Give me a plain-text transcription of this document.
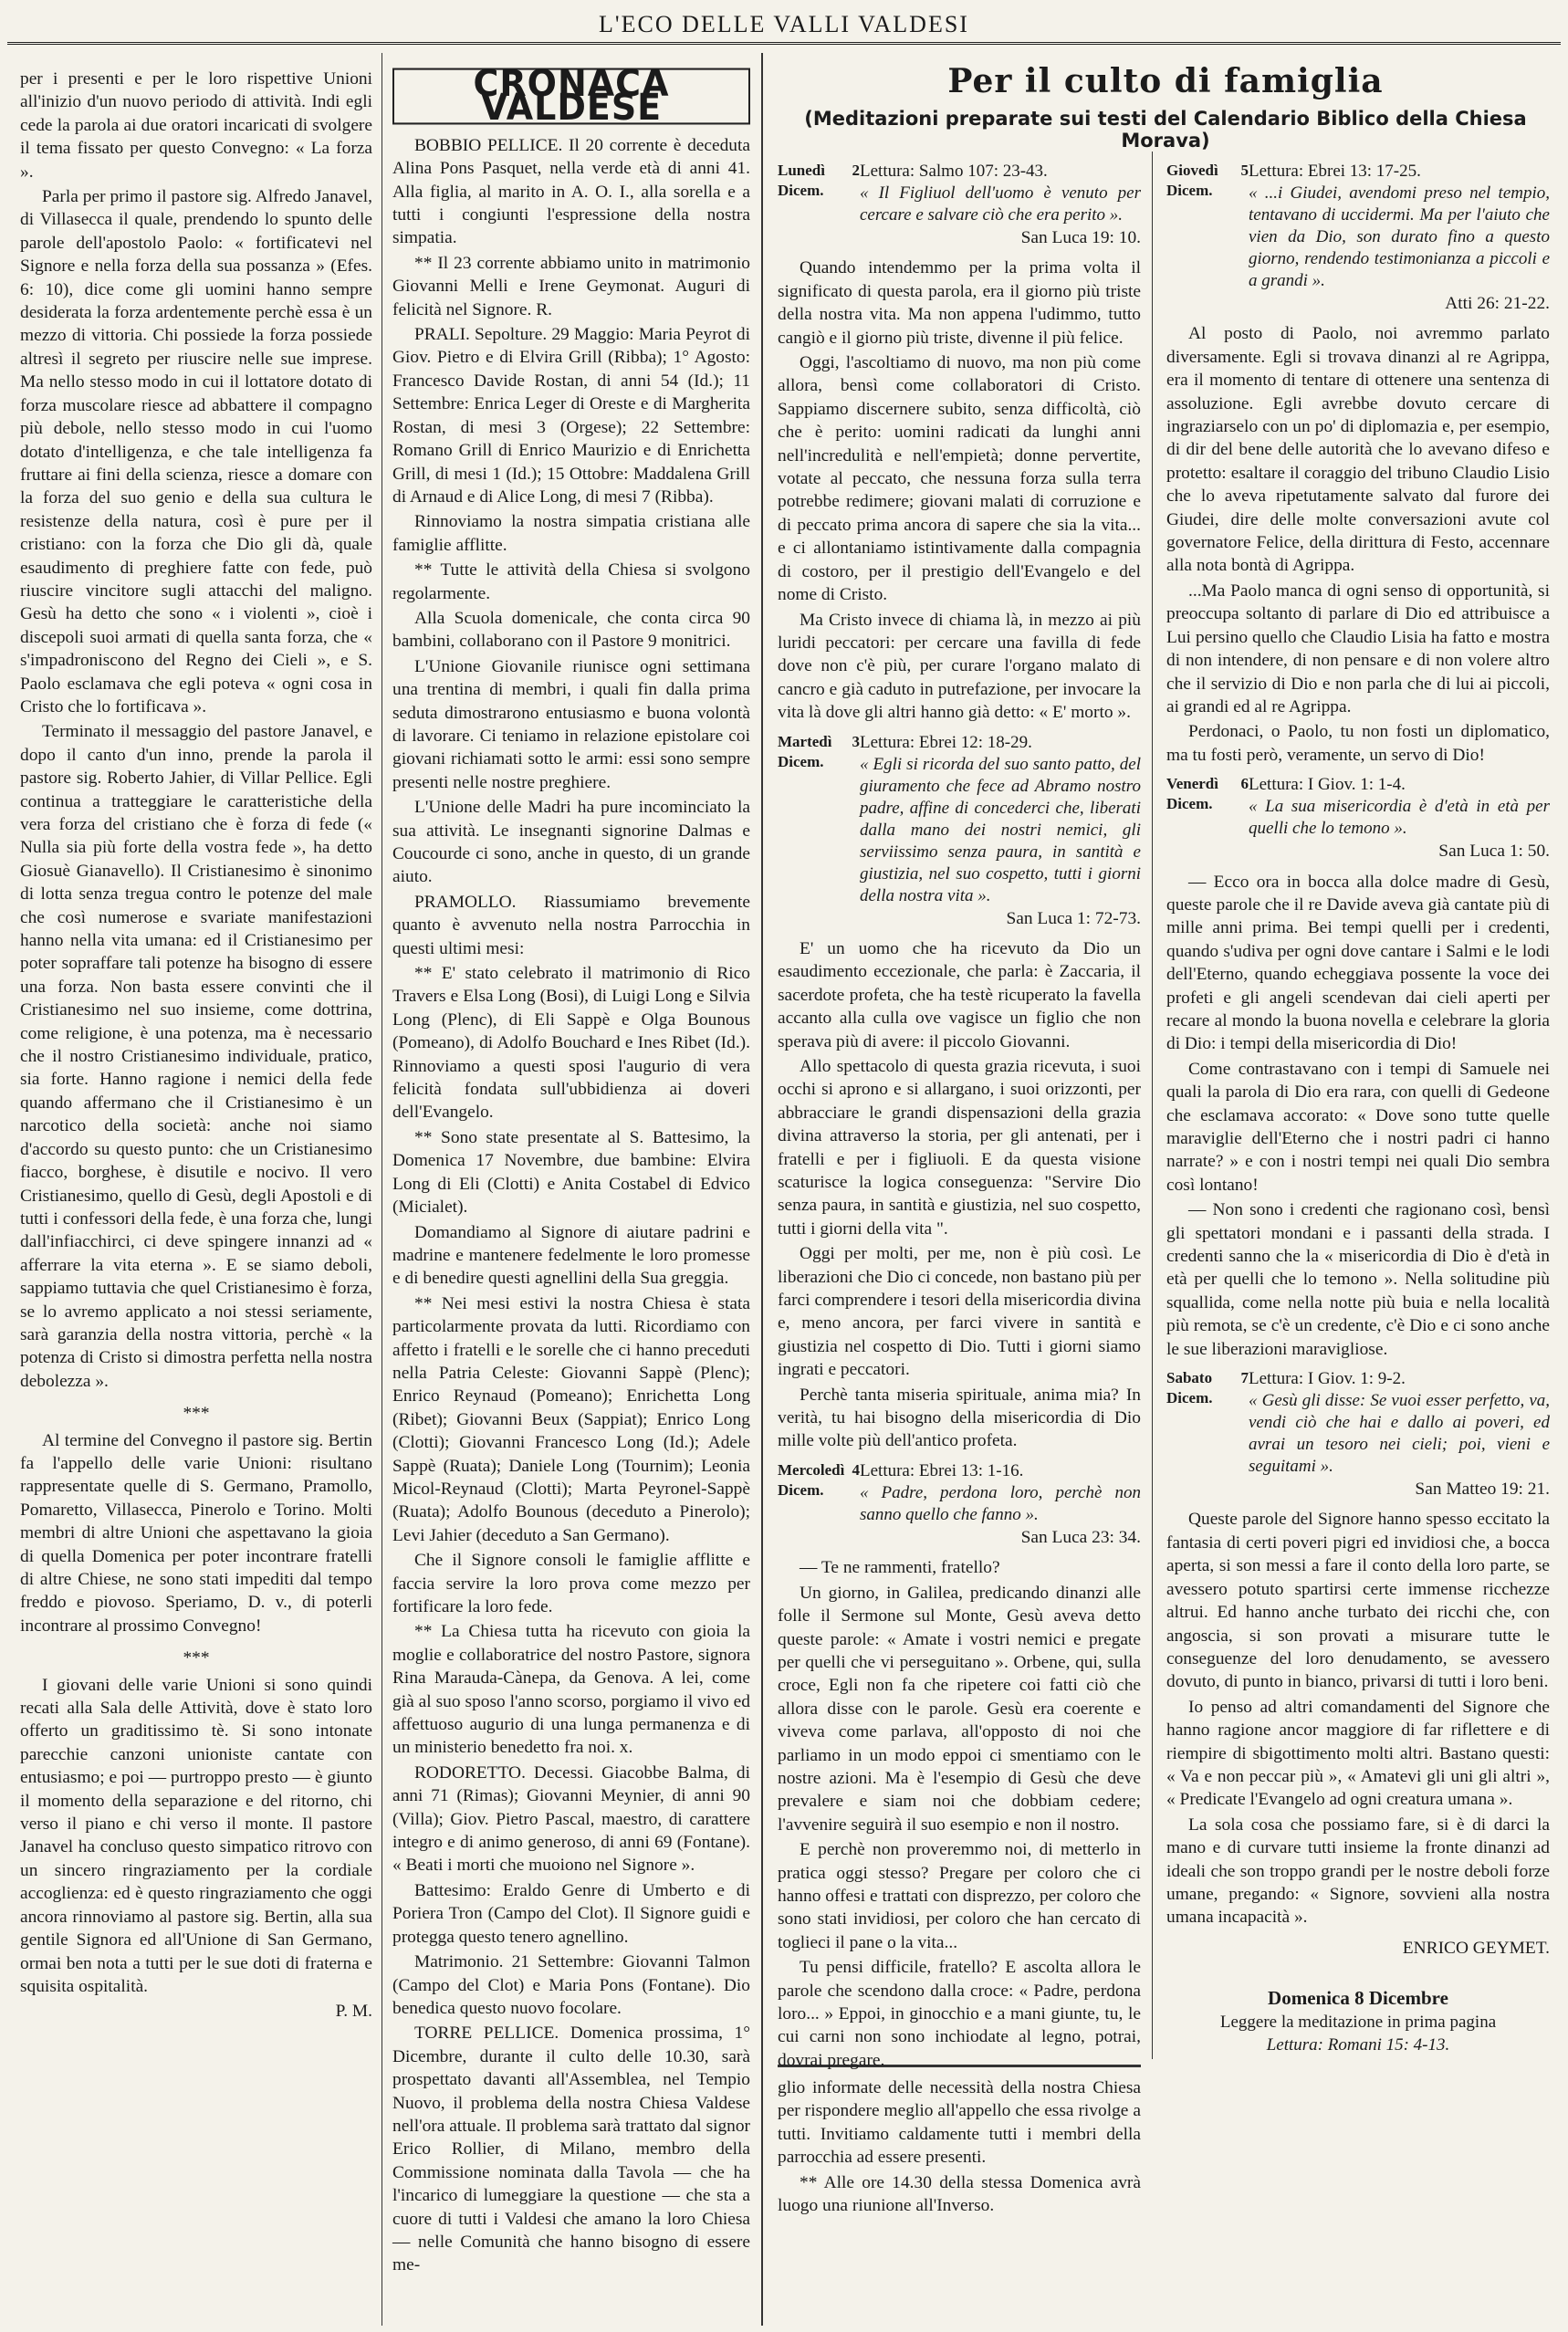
L'ECO DELLE VALLI VALDESI

per i presenti e per le loro rispettive Unioni all'inizio d'un nuovo periodo di attività. Indi egli cede la parola ai due oratori incaricati di svolgere il tema fissato per questo Convegno: « La forza ».

Parla per primo il pastore sig. Alfredo Janavel, di Villasecca il quale, prendendo lo spunto delle parole dell'apostolo Paolo: « fortificatevi nel Signore e nella forza della sua possanza » (Efes. 6: 10), dice come gli uomini hanno sempre desiderata la forza ardentemente perchè essa è un mezzo di vittoria. Chi possiede la forza possiede altresì il segreto per riuscire nelle sue imprese. Ma nello stesso modo in cui il lottatore dotato di forza muscolare riesce ad abbattere il compagno più debole, nello stesso modo in cui l'uomo dotato d'intelligenza, e che tale intelligenza fa fruttare ai fini della scienza, riesce a domare con la forza del suo genio e della sua cultura le resistenze della natura, così è pure per il cristiano: con la forza che Dio gli dà, quale esaudimento di preghiere fatte con fede, può riuscire vincitore sugli attacchi del maligno. Gesù ha detto che sono « i violenti », cioè i discepoli suoi armati di quella santa forza, che « s'impadroniscono del Regno dei Cieli », e S. Paolo esclamava che egli poteva « ogni cosa in Cristo che lo fortificava ».

Terminato il messaggio del pastore Janavel, e dopo il canto d'un inno, prende la parola il pastore sig. Roberto Jahier, di Villar Pellice. Egli continua a tratteggiare le caratteristiche della vera forza del cristiano che è forza di fede (« Nulla sia più forte della vostra fede », ha detto Giosuè Gianavello). Il Cristianesimo è sinonimo di lotta senza tregua contro le potenze del male che così numerose e svariate manifestazioni hanno nella vita umana: ed il Cristianesimo per poter sopraffare tali potenze ha bisogno di essere una forza. Non basta essere convinti che il Cristianesimo nel suo insieme, come dottrina, come religione, è una potenza, ma è necessario che il nostro Cristianesimo individuale, pratico, sia forte. Hanno ragione i nemici della fede quando affermano che il Cristianesimo è un narcotico della società: anche noi siamo d'accordo su questo punto: che un Cristianesimo fiacco, borghese, è disutile e nocivo. Il vero Cristianesimo, quello di Gesù, degli Apostoli e di tutti i confessori della fede, è una forza che, lungi dall'infiacchirci, ci deve spingere innanzi ad « afferrare la vita eterna ». E se siamo deboli, sappiamo tuttavia che quel Cristianesimo è forza, se lo avremo applicato a noi stessi seriamente, sarà garanzia della nostra vittoria, perchè « la potenza di Cristo si dimostra perfetta nella nostra debolezza ».

***

Al termine del Convegno il pastore sig. Bertin fa l'appello delle varie Unioni: risultano rappresentate quelle di S. Germano, Pramollo, Pomaretto, Villasecca, Pinerolo e Torino. Molti membri di altre Unioni che aspettavano la gioia di quella Domenica per poter incontrare fratelli di altre Chiese, ne sono stati impediti dal tempo freddo e piovoso. Speriamo, D. v., di poterli incontrare al prossimo Convegno!

***

I giovani delle varie Unioni si sono quindi recati alla Sala delle Attività, dove è stato loro offerto un graditissimo tè. Si sono intonate parecchie canzoni unioniste cantate con entusiasmo; e poi — purtroppo presto — è giunto il momento della separazione e del ritorno, chi verso il piano e chi verso il monte. Il pastore Janavel ha concluso questo simpatico ritrovo con un sincero ringraziamento per la cordiale accoglienza: ed è questo ringraziamento che oggi ancora rinnoviamo al pastore sig. Bertin, alla sua gentile Signora ed all'Unione di San Germano, ormai ben nota a tutti per le sue doti di fraterna e squisita ospitalità.

P. M.

CRONACA VALDESE

BOBBIO PELLICE. Il 20 corrente è deceduta Alina Pons Pasquet, nella verde età di anni 41. Alla figlia, al marito in A. O. I., alla sorella e a tutti i congiunti l'espressione della nostra simpatia.

** Il 23 corrente abbiamo unito in matrimonio Giovanni Melli e Irene Geymonat. Auguri di felicità nel Signore. R.

PRALI. Sepolture. 29 Maggio: Maria Peyrot di Giov. Pietro e di Elvira Grill (Ribba); 1° Agosto: Francesco Davide Rostan, di anni 54 (Id.); 11 Settembre: Enrica Leger di Oreste e di Margherita Rostan, di mesi 3 (Orgese); 22 Settembre: Romano Grill di Enrico Maurizio e di Enrichetta Grill, di mesi 1 (Id.); 15 Ottobre: Maddalena Grill di Arnaud e di Alice Long, di mesi 7 (Ribba).

Rinnoviamo la nostra simpatia cristiana alle famiglie afflitte.

** Tutte le attività della Chiesa si svolgono regolarmente.

Alla Scuola domenicale, che conta circa 90 bambini, collaborano con il Pastore 9 monitrici.

L'Unione Giovanile riunisce ogni settimana una trentina di membri, i quali fin dalla prima seduta dimostrarono entusiasmo e buona volontà di lavorare. Ci teniamo in relazione epistolare coi giovani richiamati sotto le armi: essi sono sempre presenti nelle nostre preghiere.

L'Unione delle Madri ha pure incominciato la sua attività. Le insegnanti signorine Dalmas e Coucourde ci sono, anche in questo, di un grande aiuto.

PRAMOLLO. Riassumiamo brevemente quanto è avvenuto nella nostra Parrocchia in questi ultimi mesi:

** E' stato celebrato il matrimonio di Rico Travers e Elsa Long (Bosi), di Luigi Long e Silvia Long (Plenc), di Eli Sappè e Olga Bounous (Pomeano), di Adolfo Bouchard e Ines Ribet (Id.). Rinnoviamo a questi sposi l'augurio di vera felicità fondata sull'ubbidienza ai doveri dell'Evangelo.

** Sono state presentate al S. Battesimo, la Domenica 17 Novembre, due bambine: Elvira Long di Eli (Clotti) e Anita Costabel di Edvico (Micialet).

Domandiamo al Signore di aiutare padrini e madrine e mantenere fedelmente le loro promesse e di benedire questi agnellini della Sua greggia.

** Nei mesi estivi la nostra Chiesa è stata particolarmente provata da lutti. Ricordiamo con affetto i fratelli e le sorelle che ci hanno preceduti nella Patria Celeste: Giovanni Sappè (Plenc); Enrico Reynaud (Pomeano); Enrichetta Long (Ribet); Giovanni Beux (Sappiat); Enrico Long (Clotti); Giovanni Francesco Long (Id.); Adele Sappè (Ruata); Daniele Long (Tournim); Leonia Micol-Reynaud (Clotti); Marta Peyronel-Sappè (Ruata); Adolfo Bounous (deceduto a Pinerolo); Levi Jahier (deceduto a San Germano).

Che il Signore consoli le famiglie afflitte e faccia servire la loro prova come mezzo per fortificare la loro fede.

** La Chiesa tutta ha ricevuto con gioia la moglie e collaboratrice del nostro Pastore, signora Rina Marauda-Cànepa, da Genova. A lei, come già al suo sposo l'anno scorso, porgiamo il vivo ed affettuoso augurio di una lunga permanenza e di un ministerio benedetto fra noi. x.

RODORETTO. Decessi. Giacobbe Balma, di anni 71 (Rimas); Giovanni Meynier, di anni 90 (Villa); Giov. Pietro Pascal, maestro, di carattere integro e di animo generoso, di anni 69 (Fontane). « Beati i morti che muoiono nel Signore ».

Battesimo: Eraldo Genre di Umberto e di Poriera Tron (Campo del Clot). Il Signore guidi e protegga questo tenero agnellino.

Matrimonio. 21 Settembre: Giovanni Talmon (Campo del Clot) e Maria Pons (Fontane). Dio benedica questo nuovo focolare.

TORRE PELLICE. Domenica prossima, 1° Dicembre, durante il culto delle 10.30, sarà prospettato davanti all'Assemblea, nel Tempio Nuovo, il problema della nostra Chiesa Valdese nell'ora attuale. Il problema sarà trattato dal signor Erico Rollier, di Milano, membro della Commissione nominata dalla Tavola — che ha l'incarico di lumeggiare la questione — che sta a cuore di tutti i Valdesi che amano la loro Chiesa — nelle Comunità che hanno bisogno di essere me-

Per il culto di famiglia
(Meditazioni preparate sui testi del Calendario Biblico della Chiesa Morava)
Lunedì 2 Dicem.
Lettura: Salmo 107: 23-43.
« Il Figliuol dell'uomo è venuto per cercare e salvare ciò che era perito ».
San Luca 19: 10.

Quando intendemmo per la prima volta il significato di questa parola, era il giorno più triste della nostra vita. Ma non appena l'udimmo, tutto cangiò e il giorno più triste, divenne il più felice.

Oggi, l'ascoltiamo di nuovo, ma non più come allora, bensì come collaboratori di Cristo. Sappiamo discernere subito, senza difficoltà, ciò che è perito: uomini radicati da lunghi anni nell'incredulità e nell'empietà; donne pervertite, votate al peccato, che nessuna forza sulla terra potrebbe redimere; giovani malati di corruzione e di peccato prima ancora di sapere che sia la vita... e ci allontaniamo istintivamente dalla compagnia di costoro, per il prestigio dell'Evangelo e del nome di Cristo.

Ma Cristo invece di chiama là, in mezzo ai più luridi peccatori: per cercare una favilla di fede dove non c'è più, per curare l'organo malato di cancro e già caduto in putrefazione, per invocare la vita là dove gli altri hanno già detto: « E' morto ».

Martedì 3 Dicem.
Lettura: Ebrei 12: 18-29.
« Egli si ricorda del suo santo patto, del giuramento che fece ad Abramo nostro padre, affine di concederci che, liberati dalla mano dei nostri nemici, gli serviissimo senza paura, in santità e giustizia, nel suo cospetto, tutti i giorni della nostra vita ».
San Luca 1: 72-73.

E' un uomo che ha ricevuto da Dio un esaudimento eccezionale, che parla: è Zaccaria, il sacerdote profeta, che ha testè ricuperato la favella accanto alla culla ove vagisce un figlio che non sperava più di avere: il piccolo Giovanni.

Allo spettacolo di questa grazia ricevuta, i suoi occhi si aprono e si allargano, i suoi orizzonti, per abbracciare le grandi dispensazioni della grazia divina attraverso la storia, per gli antenati, per i fratelli e per i figliuoli. E da questa visione scaturisce la logica conseguenza: "Servire Dio senza paura, in santità e giustizia, nel suo cospetto, tutti i giorni della vita ".

Oggi per molti, per me, non è più così. Le liberazioni che Dio ci concede, non bastano più per farci comprendere i tesori della misericordia divina e, meno ancora, per farci vivere in santità e giustizia nel cospetto di Dio. Tutti i giorni siamo ingrati e peccatori.

Perchè tanta miseria spirituale, anima mia? In verità, tu hai bisogno della misericordia di Dio mille volte più dell'antico profeta.

Mercoledì 4 Dicem.
Lettura: Ebrei 13: 1-16.
« Padre, perdona loro, perchè non sanno quello che fanno ».
San Luca 23: 34.

— Te ne rammenti, fratello?

Un giorno, in Galilea, predicando dinanzi alle folle il Sermone sul Monte, Gesù aveva detto queste parole: « Amate i vostri nemici e pregate per quelli che vi perseguitano ». Orbene, qui, sulla croce, Egli non fa che ripetere coi fatti ciò che allora disse con le parole. Gesù era coerente e viveva come parlava, all'opposto di noi che parliamo in un modo eppoi ci smentiamo con le nostre azioni. Ma è l'esempio di Gesù che deve prevalere e siam noi che dobbiam cedere; l'avvenire seguirà il suo esempio e non il nostro.

E perchè non proveremmo noi, di metterlo in pratica oggi stesso? Pregare per coloro che ci hanno offesi e trattati con disprezzo, per coloro che sono stati invidiosi, per coloro che han cercato di toglieci il pane o la vita...

Tu pensi difficile, fratello? E ascolta allora le parole che scendono dalla croce: « Padre, perdona loro... » Eppoi, in ginocchio e a mani giunte, tu, le cui carni non sono inchiodate al legno, potrai, dovrai pregare.

Giovedì 5 Dicem.
Lettura: Ebrei 13: 17-25.
« ...i Giudei, avendomi preso nel tempio, tentavano di uccidermi. Ma per l'aiuto che vien da Dio, son durato fino a questo giorno, rendendo testimonianza a piccoli e a grandi ».
Atti 26: 21-22.

Al posto di Paolo, noi avremmo parlato diversamente. Egli si trovava dinanzi al re Agrippa, era il momento di tentare di ottenere una sentenza di assoluzione. Egli avrebbe dovuto cercare di ingraziarselo con un po' di diplomazia e, per esempio, di dir del bene delle autorità che lo avevano difeso e protetto: esaltare il coraggio del tribuno Claudio Lisio che lo aveva ripetutamente salvato dal furore dei Giudei, dire delle molte conversazioni avute col governatore Felice, della dirittura di Festo, accennare alla nota bontà di Agrippa.

...Ma Paolo manca di ogni senso di opportunità, si preoccupa soltanto di parlare di Dio ed attribuisce a Lui persino quello che Claudio Lisia ha fatto e mostra di non intendere, di non pensare e di non volere altro che il servizio di Dio e non parla che di lui ai piccoli, ai grandi ed al re Agrippa.

Perdonaci, o Paolo, tu non fosti un diplomatico, ma tu fosti però, veramente, un servo di Dio!

Venerdì 6 Dicem.
Lettura: I Giov. 1: 1-4.
« La sua misericordia è d'età in età per quelli che lo temono ».
San Luca 1: 50.

— Ecco ora in bocca alla dolce madre di Gesù, queste parole che il re Davide aveva già cantate più di mille anni prima. Bei tempi quelli per i credenti, quando s'udiva per ogni dove cantare i Salmi e le lodi dell'Eterno, quando echeggiava possente la voce dei profeti e gli angeli scendevan dai cieli aperti per recare al mondo la buona novella e celebrare la gloria di Dio: i tempi della misericordia di Dio!

Come contrastavano con i tempi di Samuele nei quali la parola di Dio era rara, con quelli di Gedeone che esclamava accorato: « Dove sono tutte quelle maraviglie dell'Eterno che i nostri padri ci hanno narrate? » e con i nostri tempi nei quali Dio sembra così lontano!

— Non sono i credenti che ragionano così, bensì gli spettatori mondani e i passanti della strada. I credenti sanno che la « misericordia di Dio è d'età in età per quelli che lo temono ». Nella solitudine più squallida, come nella notte più buia e nella località più remota, se c'è un credente, c'è Dio e ci sono anche le sue liberazioni maravigliose.

Sabato 7 Dicem.
Lettura: I Giov. 1: 9-2.
« Gesù gli disse: Se vuoi esser perfetto, va, vendi ciò che hai e dallo ai poveri, ed avrai un tesoro nei cieli; poi, vieni e seguitami ».
San Matteo 19: 21.

Queste parole del Signore hanno spesso eccitato la fantasia di certi poveri pigri ed invidiosi che, a bocca aperta, si son messi a fare il conto della loro parte, se avessero potuto spartirsi certe immense ricchezze altrui. Ed hanno anche turbato dei ricchi che, con angoscia, si son provati a misurare tutte le conseguenze del loro denudamento, se avessero dovuto, di punto in bianco, privarsi di tutti i loro beni.

Io penso ad altri comandamenti del Signore che hanno ragione ancor maggiore di far riflettere e di riempire di sbigottimento molti altri. Bastano questi: « Va e non peccar più », « Amatevi gli uni gli altri », « Predicate l'Evangelo ad ogni creatura umana ».

La sola cosa che possiamo fare, si è di darci la mano e di curvare tutti insieme la fronte dinanzi ad ideali che son troppo grandi per le nostre deboli forze umane, pregando: « Signore, sovvieni alla nostra umana incapacità ».

ENRICO GEYMET.

Domenica 8 Dicembre
Leggere la meditazione in prima pagina
Lettura: Romani 15: 4-13.

glio informate delle necessità della nostra Chiesa per rispondere meglio all'appello che essa rivolge a tutti. Invitiamo caldamente tutti i membri della parrocchia ad essere presenti.

** Alle ore 14.30 della stessa Domenica avrà luogo una riunione all'Inverso.
